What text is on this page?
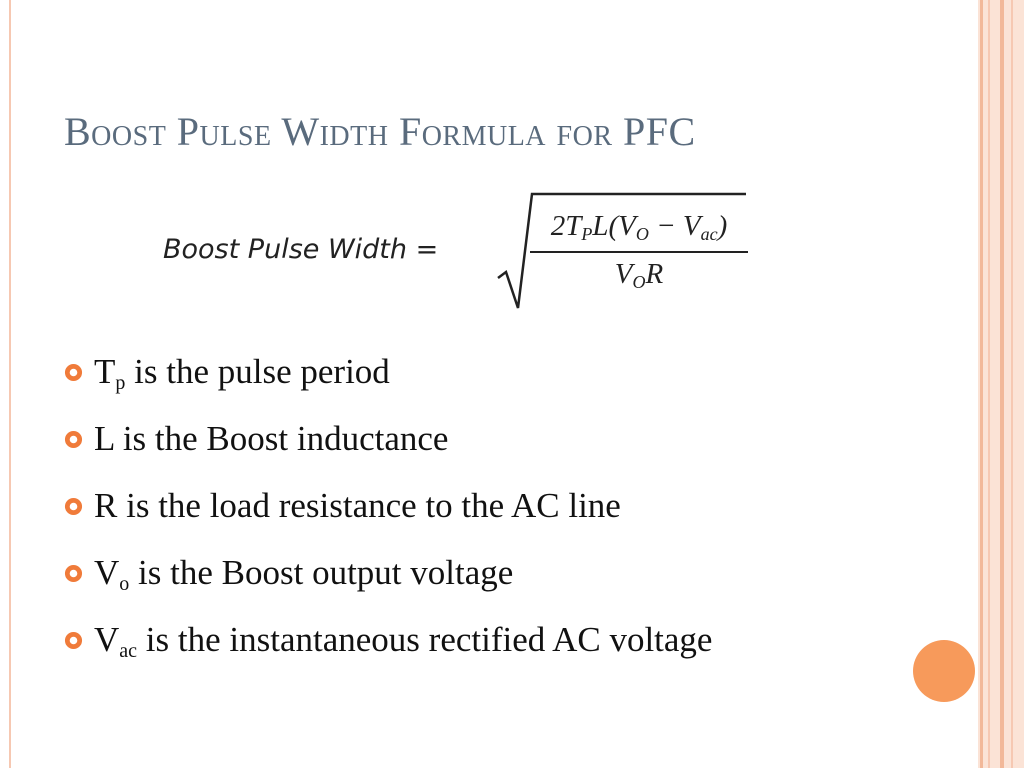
Boost Pulse Width Formula for PFC
Boost Pulse Width =
$2T_PL(V_O - V_{ac})$
$V_OR$
$T_p$ is the pulse period
L is the Boost inductance
R is the load resistance to the AC line
$V_o$ is the Boost output voltage
$V_{ac}$ is the instantaneous rectified AC voltage
